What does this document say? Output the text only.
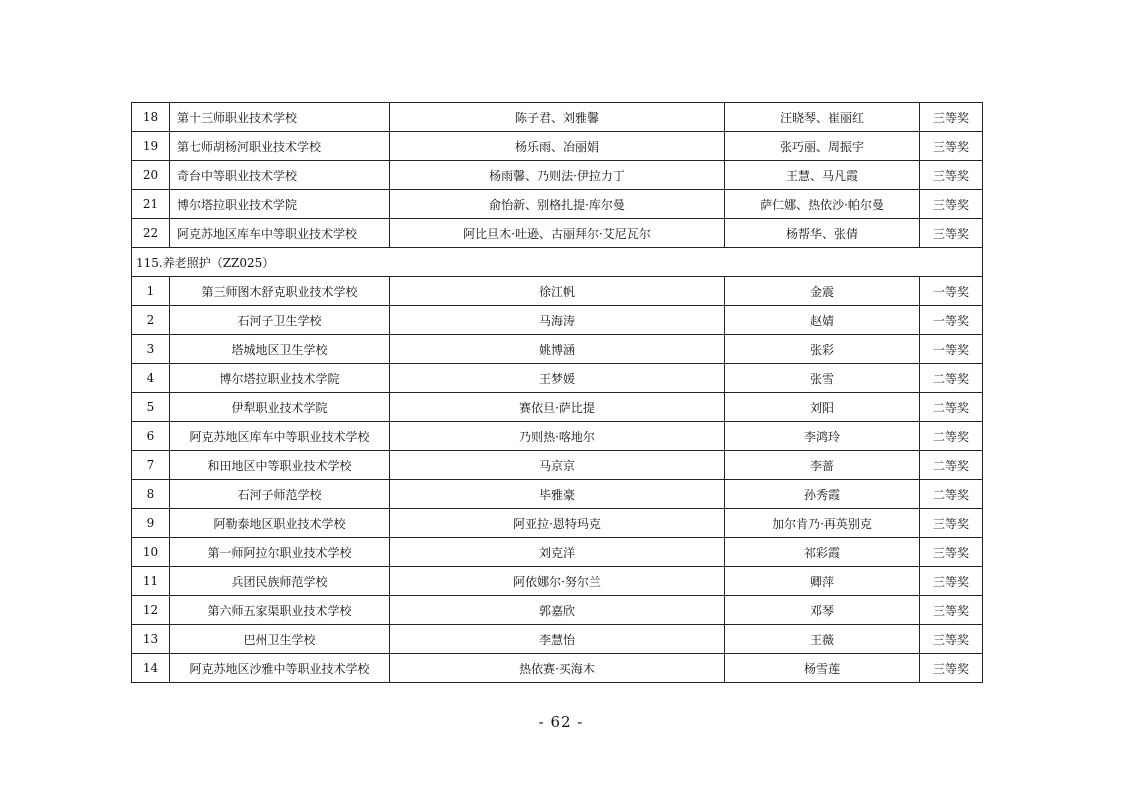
18	第十三师职业技术学校	陈子君、刘雅馨	汪晓琴、崔丽红	三等奖
19	第七师胡杨河职业技术学校	杨乐雨、冶丽娟	张巧丽、周振宇	三等奖
20	奇台中等职业技术学校	杨雨馨、乃则法·伊拉力丁	王慧、马凡霞	三等奖
21	博尔塔拉职业技术学院	俞怡新、别格扎提·库尔曼	萨仁娜、热依沙·帕尔曼	三等奖
22	阿克苏地区库车中等职业技术学校	阿比旦木·吐逊、古丽拜尔·艾尼瓦尔	杨帮华、张倩	三等奖
115.养老照护（ZZ025）				
1	第三师图木舒克职业技术学校	徐江帆	金震	一等奖
2	石河子卫生学校	马海涛	赵婧	一等奖
3	塔城地区卫生学校	姚博涵	张彩	一等奖
4	博尔塔拉职业技术学院	王梦媛	张雪	二等奖
5	伊犁职业技术学院	赛依旦·萨比提	刘阳	二等奖
6	阿克苏地区库车中等职业技术学校	乃则热·喀地尔	李鸿玲	二等奖
7	和田地区中等职业技术学校	马京京	李蔷	二等奖
8	石河子师范学校	毕雅豪	孙秀霞	二等奖
9	阿勒泰地区职业技术学校	阿亚拉·恩特玛克	加尔肯乃·再英别克	三等奖
10	第一师阿拉尔职业技术学校	刘克洋	祁彩霞	三等奖
11	兵团民族师范学校	阿依娜尔·努尔兰	卿萍	三等奖
12	第六师五家渠职业技术学校	郭嘉欣	邓琴	三等奖
13	巴州卫生学校	李慧怡	王薇	三等奖
14	阿克苏地区沙雅中等职业技术学校	热依赛·买海木	杨雪莲	三等奖
- 62 -
